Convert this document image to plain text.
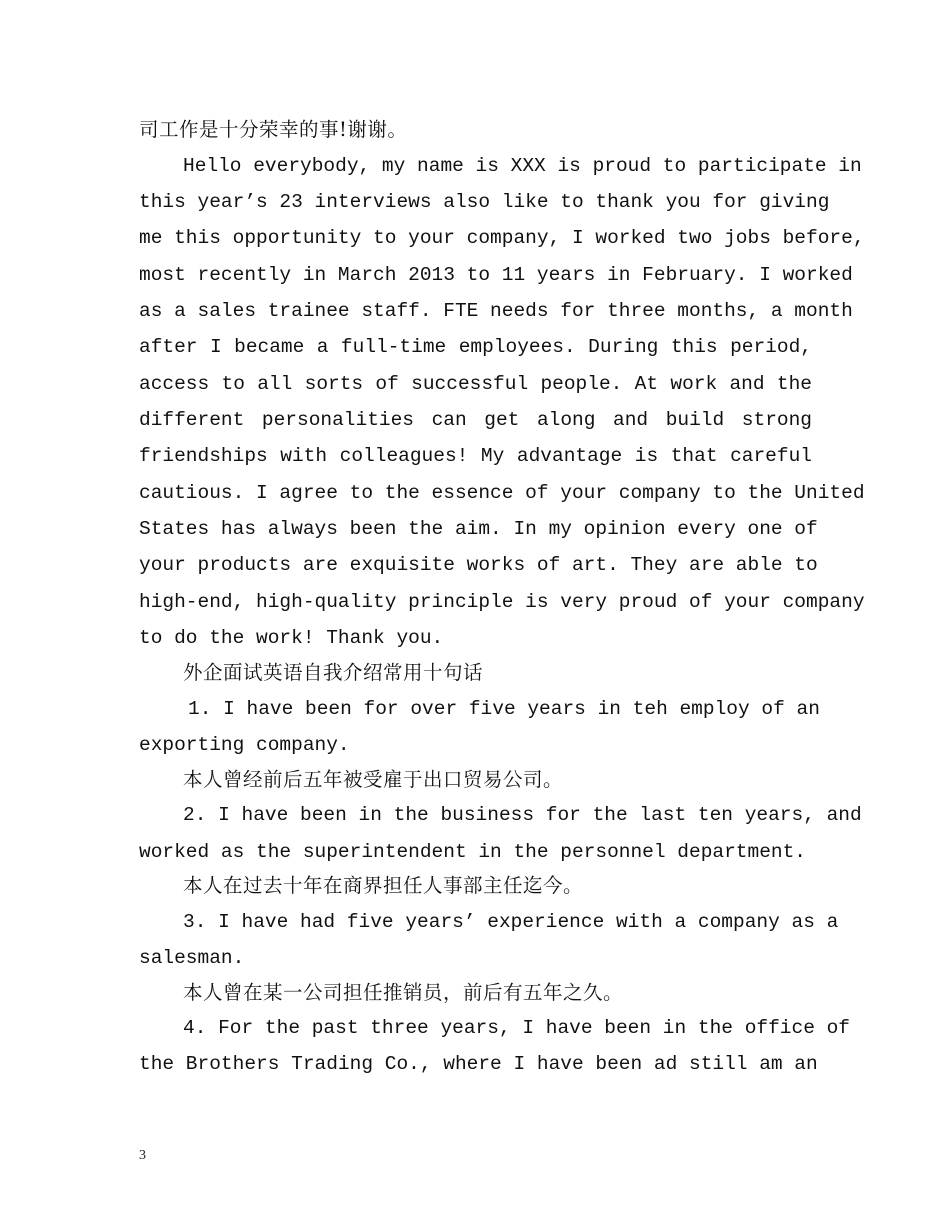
司工作是十分荣幸的事!谢谢。
Hello everybody, my name is XXX is proud to participate in
this year’s 23 interviews also like to thank you for giving
me this opportunity to your company, I worked two jobs before,
most recently in March 2013 to 11 years in February. I worked
as a sales trainee staff. FTE needs for three months, a month
after I became a full-time employees. During this period,
access to all sorts of successful people. At work and the
different personalities can get along and build strong
friendships with colleagues! My advantage is that careful
cautious. I agree to the essence of your company to the United
States has always been the aim. In my opinion every one of
your products are exquisite works of art. They are able to
high-end, high-quality principle is very proud of your company
to do the work! Thank you.
外企面试英语自我介绍常用十句话
1. I have been for over five years in teh employ of an
exporting company.
本人曾经前后五年被受雇于出口贸易公司。
2. I have been in the business for the last ten years, and
worked as the superintendent in the personnel department.
本人在过去十年在商界担任人事部主任迄今。
3. I have had five years’ experience with a company as a
salesman.
本人曾在某一公司担任推销员，前后有五年之久。
4. For the past three years, I have been in the office of
the Brothers Trading Co., where I have been ad still am an
3
